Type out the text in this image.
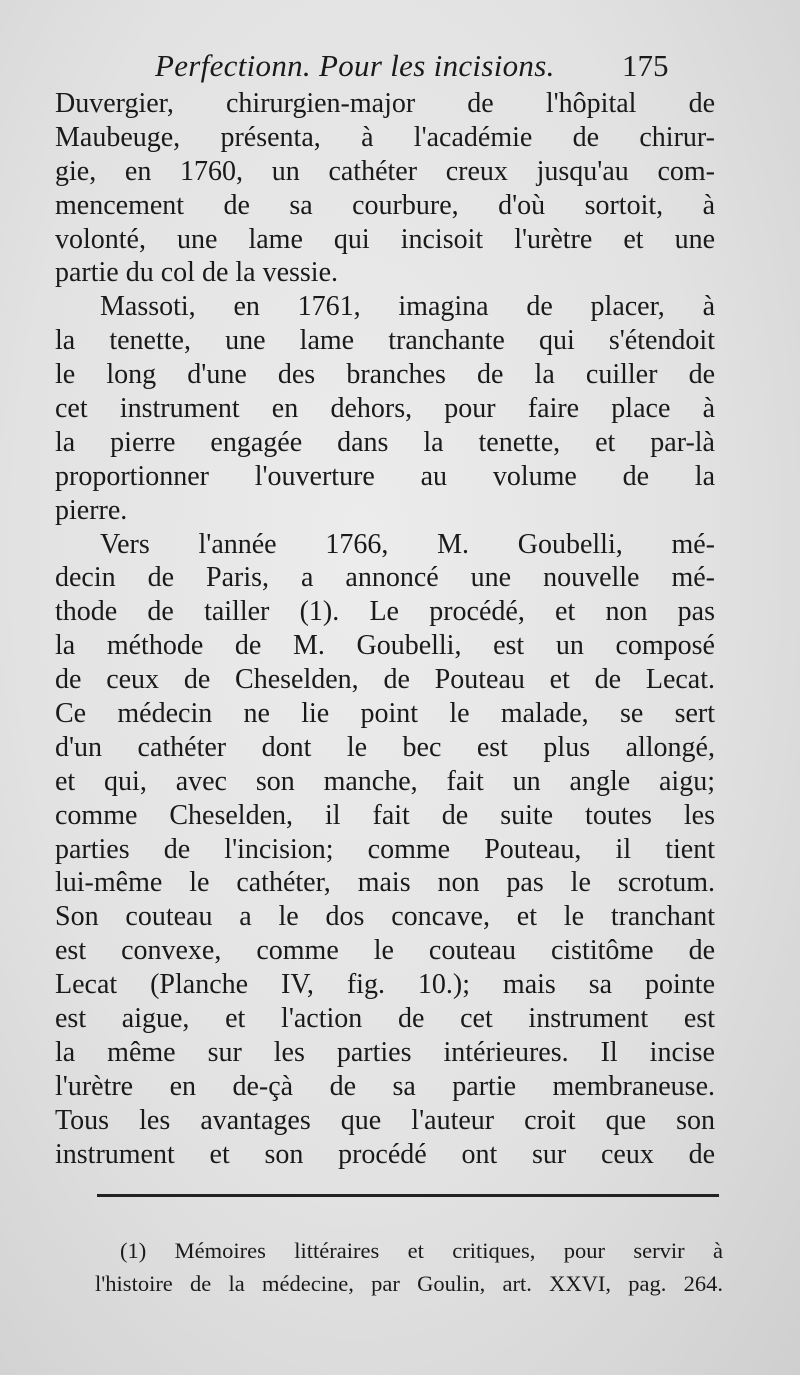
Perfectionn. Pour les incisions. 175
Duvergier, chirurgien-major de l'hôpital de
Maubeuge, présenta, à l'académie de chirur-
gie, en 1760, un cathéter creux jusqu'au com-
mencement de sa courbure, d'où sortoit, à
volonté, une lame qui incisoit l'urètre et une
partie du col de la vessie.
Massoti, en 1761, imagina de placer, à
la tenette, une lame tranchante qui s'étendoit
le long d'une des branches de la cuiller de
cet instrument en dehors, pour faire place à
la pierre engagée dans la tenette, et par-là
proportionner l'ouverture au volume de la
pierre.
Vers l'année 1766, M. Goubelli, mé-
decin de Paris, a annoncé une nouvelle mé-
thode de tailler (1). Le procédé, et non pas
la méthode de M. Goubelli, est un composé
de ceux de Cheselden, de Pouteau et de Lecat.
Ce médecin ne lie point le malade, se sert
d'un cathéter dont le bec est plus allongé,
et qui, avec son manche, fait un angle aigu;
comme Cheselden, il fait de suite toutes les
parties de l'incision; comme Pouteau, il tient
lui-même le cathéter, mais non pas le scrotum.
Son couteau a le dos concave, et le tranchant
est convexe, comme le couteau cistitôme de
Lecat (Planche IV, fig. 10.); mais sa pointe
est aigue, et l'action de cet instrument est
la même sur les parties intérieures. Il incise
l'urètre en de-çà de sa partie membraneuse.
Tous les avantages que l'auteur croit que son
instrument et son procédé ont sur ceux de
(1) Mémoires littéraires et critiques, pour servir à
l'histoire de la médecine, par Goulin, art. XXVI, pag. 264.
